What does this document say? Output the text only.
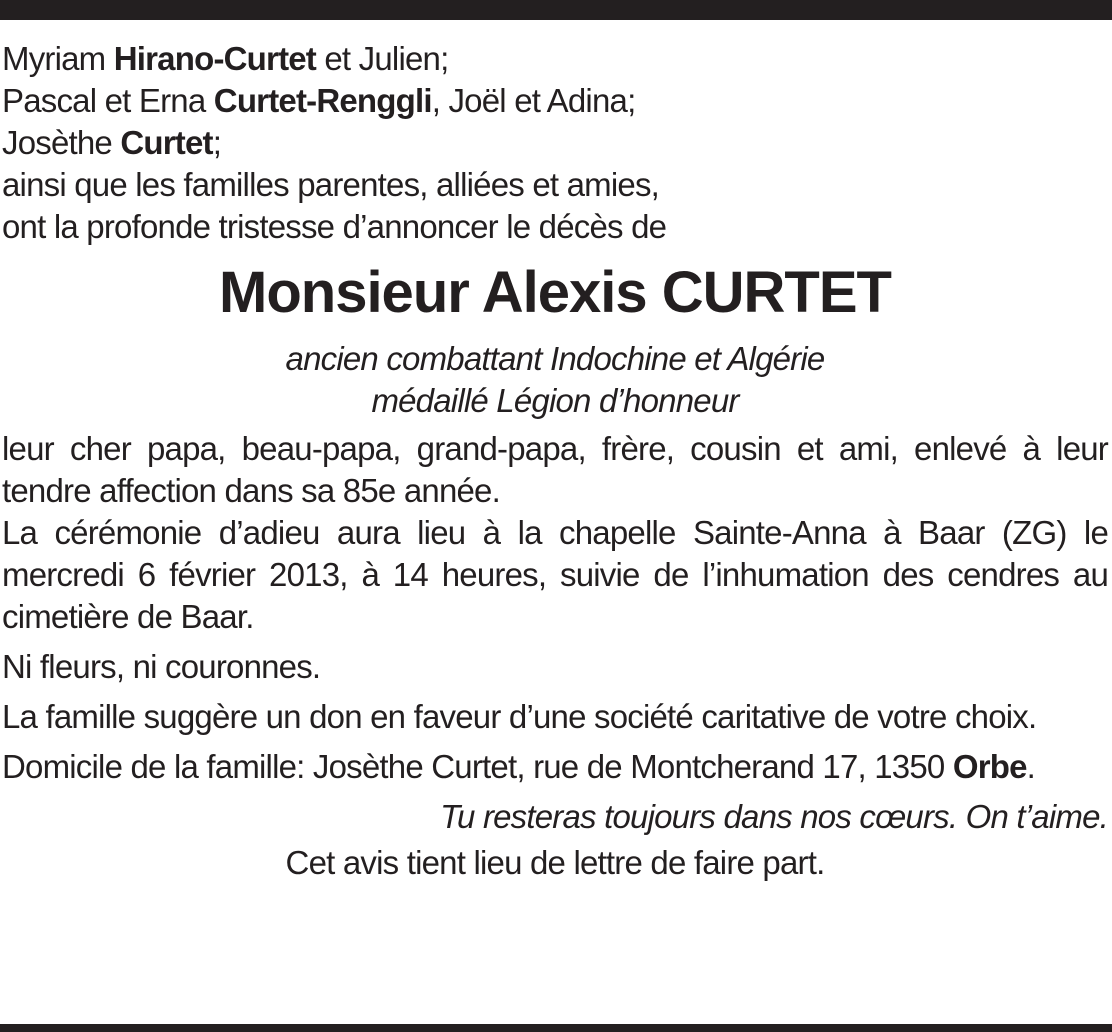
Myriam Hirano-Curtet et Julien;
Pascal et Erna Curtet-Renggli, Joël et Adina;
Josèthe Curtet;
ainsi que les familles parentes, alliées et amies,
ont la profonde tristesse d’annoncer le décès de
Monsieur Alexis CURTET
ancien combattant Indochine et Algérie
médaillé Légion d’honneur

leur cher papa, beau-papa, grand-papa, frère, cousin et ami, enlevé à leur tendre affection dans sa 85e année.

La cérémonie d’adieu aura lieu à la chapelle Sainte-Anna à Baar (ZG) le mercredi 6 février 2013, à 14 heures, suivie de l’inhumation des cendres au cimetière de Baar.

Ni fleurs, ni couronnes.

La famille suggère un don en faveur d’une société caritative de votre choix.

Domicile de la famille: Josèthe Curtet, rue de Montcherand 17, 1350 Orbe.

Tu resteras toujours dans nos cœurs. On t’aime.
Cet avis tient lieu de lettre de faire part.
